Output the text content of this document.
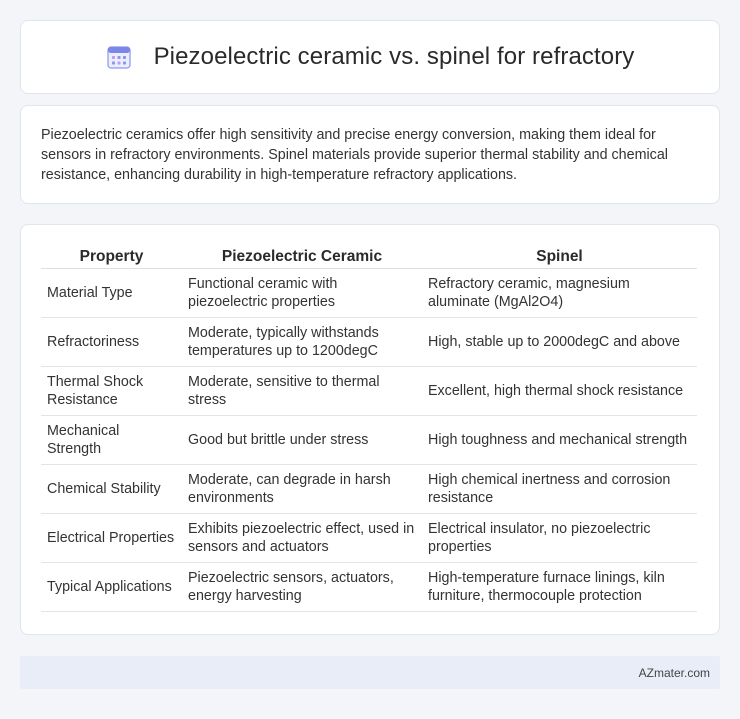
Piezoelectric ceramic vs. spinel for refractory

Piezoelectric ceramics offer high sensitivity and precise energy conversion, making them ideal for sensors in refractory environments. Spinel materials provide superior thermal stability and chemical resistance, enhancing durability in high-temperature refractory applications.

Property	Piezoelectric Ceramic	Spinel
Material Type	Functional ceramic with piezoelectric properties	Refractory ceramic, magnesium aluminate (MgAl2O4)
Refractoriness	Moderate, typically withstands temperatures up to 1200degC	High, stable up to 2000degC and above
Thermal Shock Resistance	Moderate, sensitive to thermal stress	Excellent, high thermal shock resistance
Mechanical Strength	Good but brittle under stress	High toughness and mechanical strength
Chemical Stability	Moderate, can degrade in harsh environments	High chemical inertness and corrosion resistance
Electrical Properties	Exhibits piezoelectric effect, used in sensors and actuators	Electrical insulator, no piezoelectric properties
Typical Applications	Piezoelectric sensors, actuators, energy harvesting	High-temperature furnace linings, kiln furniture, thermocouple protection
AZmater.com
